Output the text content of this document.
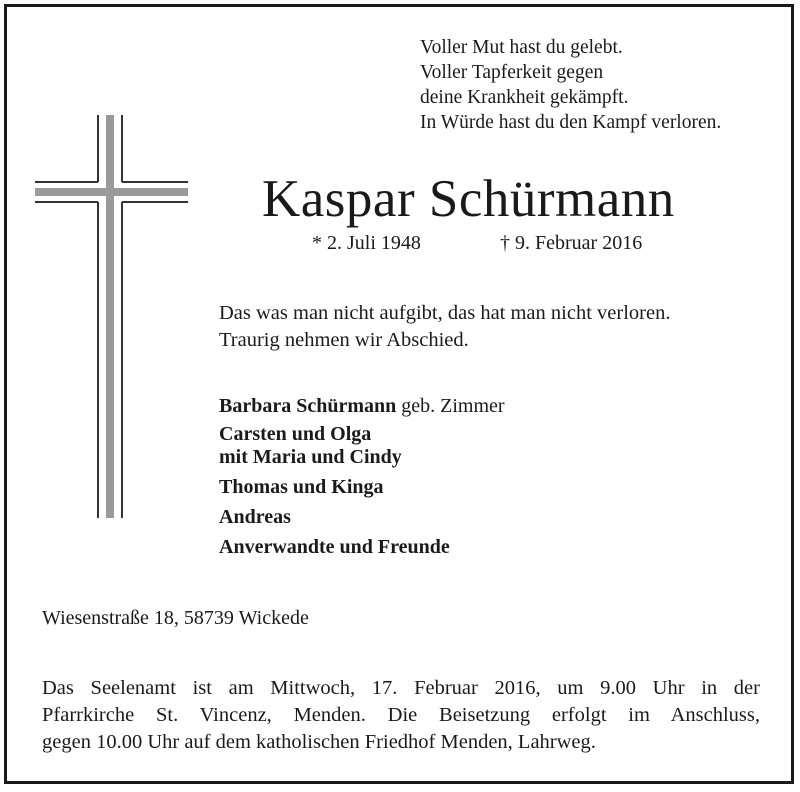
Voller Mut hast du gelebt.
Voller Tapferkeit gegen
deine Krankheit gekämpft.
In Würde hast du den Kampf verloren.
Kaspar Schürmann
* 2. Juli 1948	† 9. Februar 2016
Das was man nicht aufgibt, das hat man nicht verloren.
Traurig nehmen wir Abschied.
Barbara Schürmann geb. Zimmer
Carsten und Olga
mit Maria und Cindy
Thomas und Kinga
Andreas
Anverwandte und Freunde
Wiesenstraße 18, 58739 Wickede
Das Seelenamt ist am Mittwoch, 17. Februar 2016, um 9.00 Uhr in der
Pfarrkirche St. Vincenz, Menden. Die Beisetzung erfolgt im Anschluss,
gegen 10.00 Uhr auf dem katholischen Friedhof Menden, Lahrweg.
